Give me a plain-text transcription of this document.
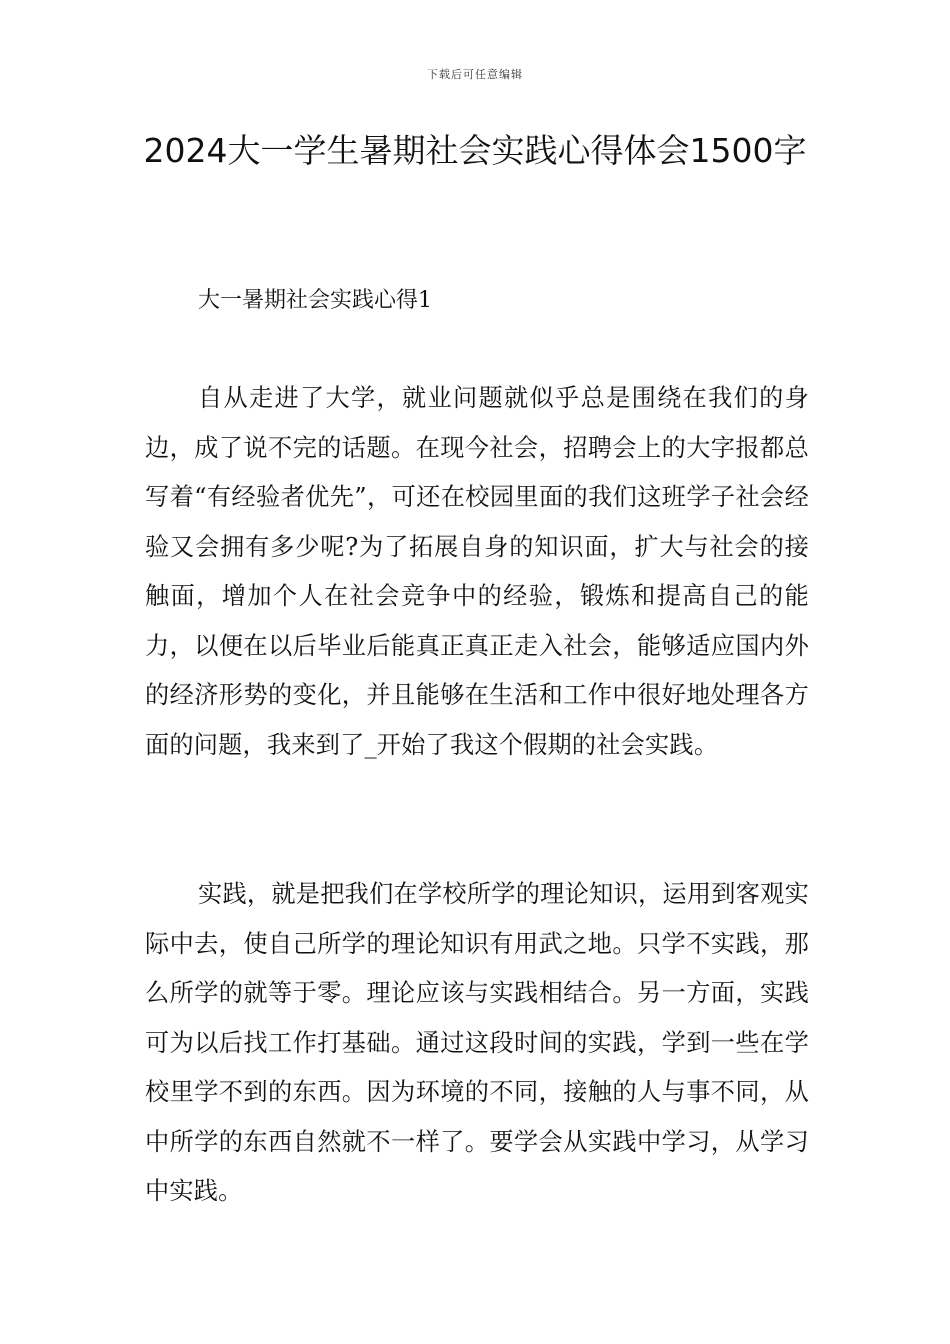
下载后可任意编辑
2024大一学生暑期社会实践心得体会1500字

大一暑期社会实践心得1

自从走进了大学，就业问题就似乎总是围绕在我们的身边，成了说不完的话题。在现今社会，招聘会上的大字报都总写着“有经验者优先”，可还在校园里面的我们这班学子社会经验又会拥有多少呢?为了拓展自身的知识面，扩大与社会的接触面，增加个人在社会竞争中的经验，锻炼和提高自己的能力，以便在以后毕业后能真正真正走入社会，能够适应国内外的经济形势的变化，并且能够在生活和工作中很好地处理各方面的问题，我来到了_开始了我这个假期的社会实践。

实践，就是把我们在学校所学的理论知识，运用到客观实际中去，使自己所学的理论知识有用武之地。只学不实践，那么所学的就等于零。理论应该与实践相结合。另一方面，实践可为以后找工作打基础。通过这段时间的实践，学到一些在学校里学不到的东西。因为环境的不同，接触的人与事不同，从中所学的东西自然就不一样了。要学会从实践中学习，从学习中实践。
